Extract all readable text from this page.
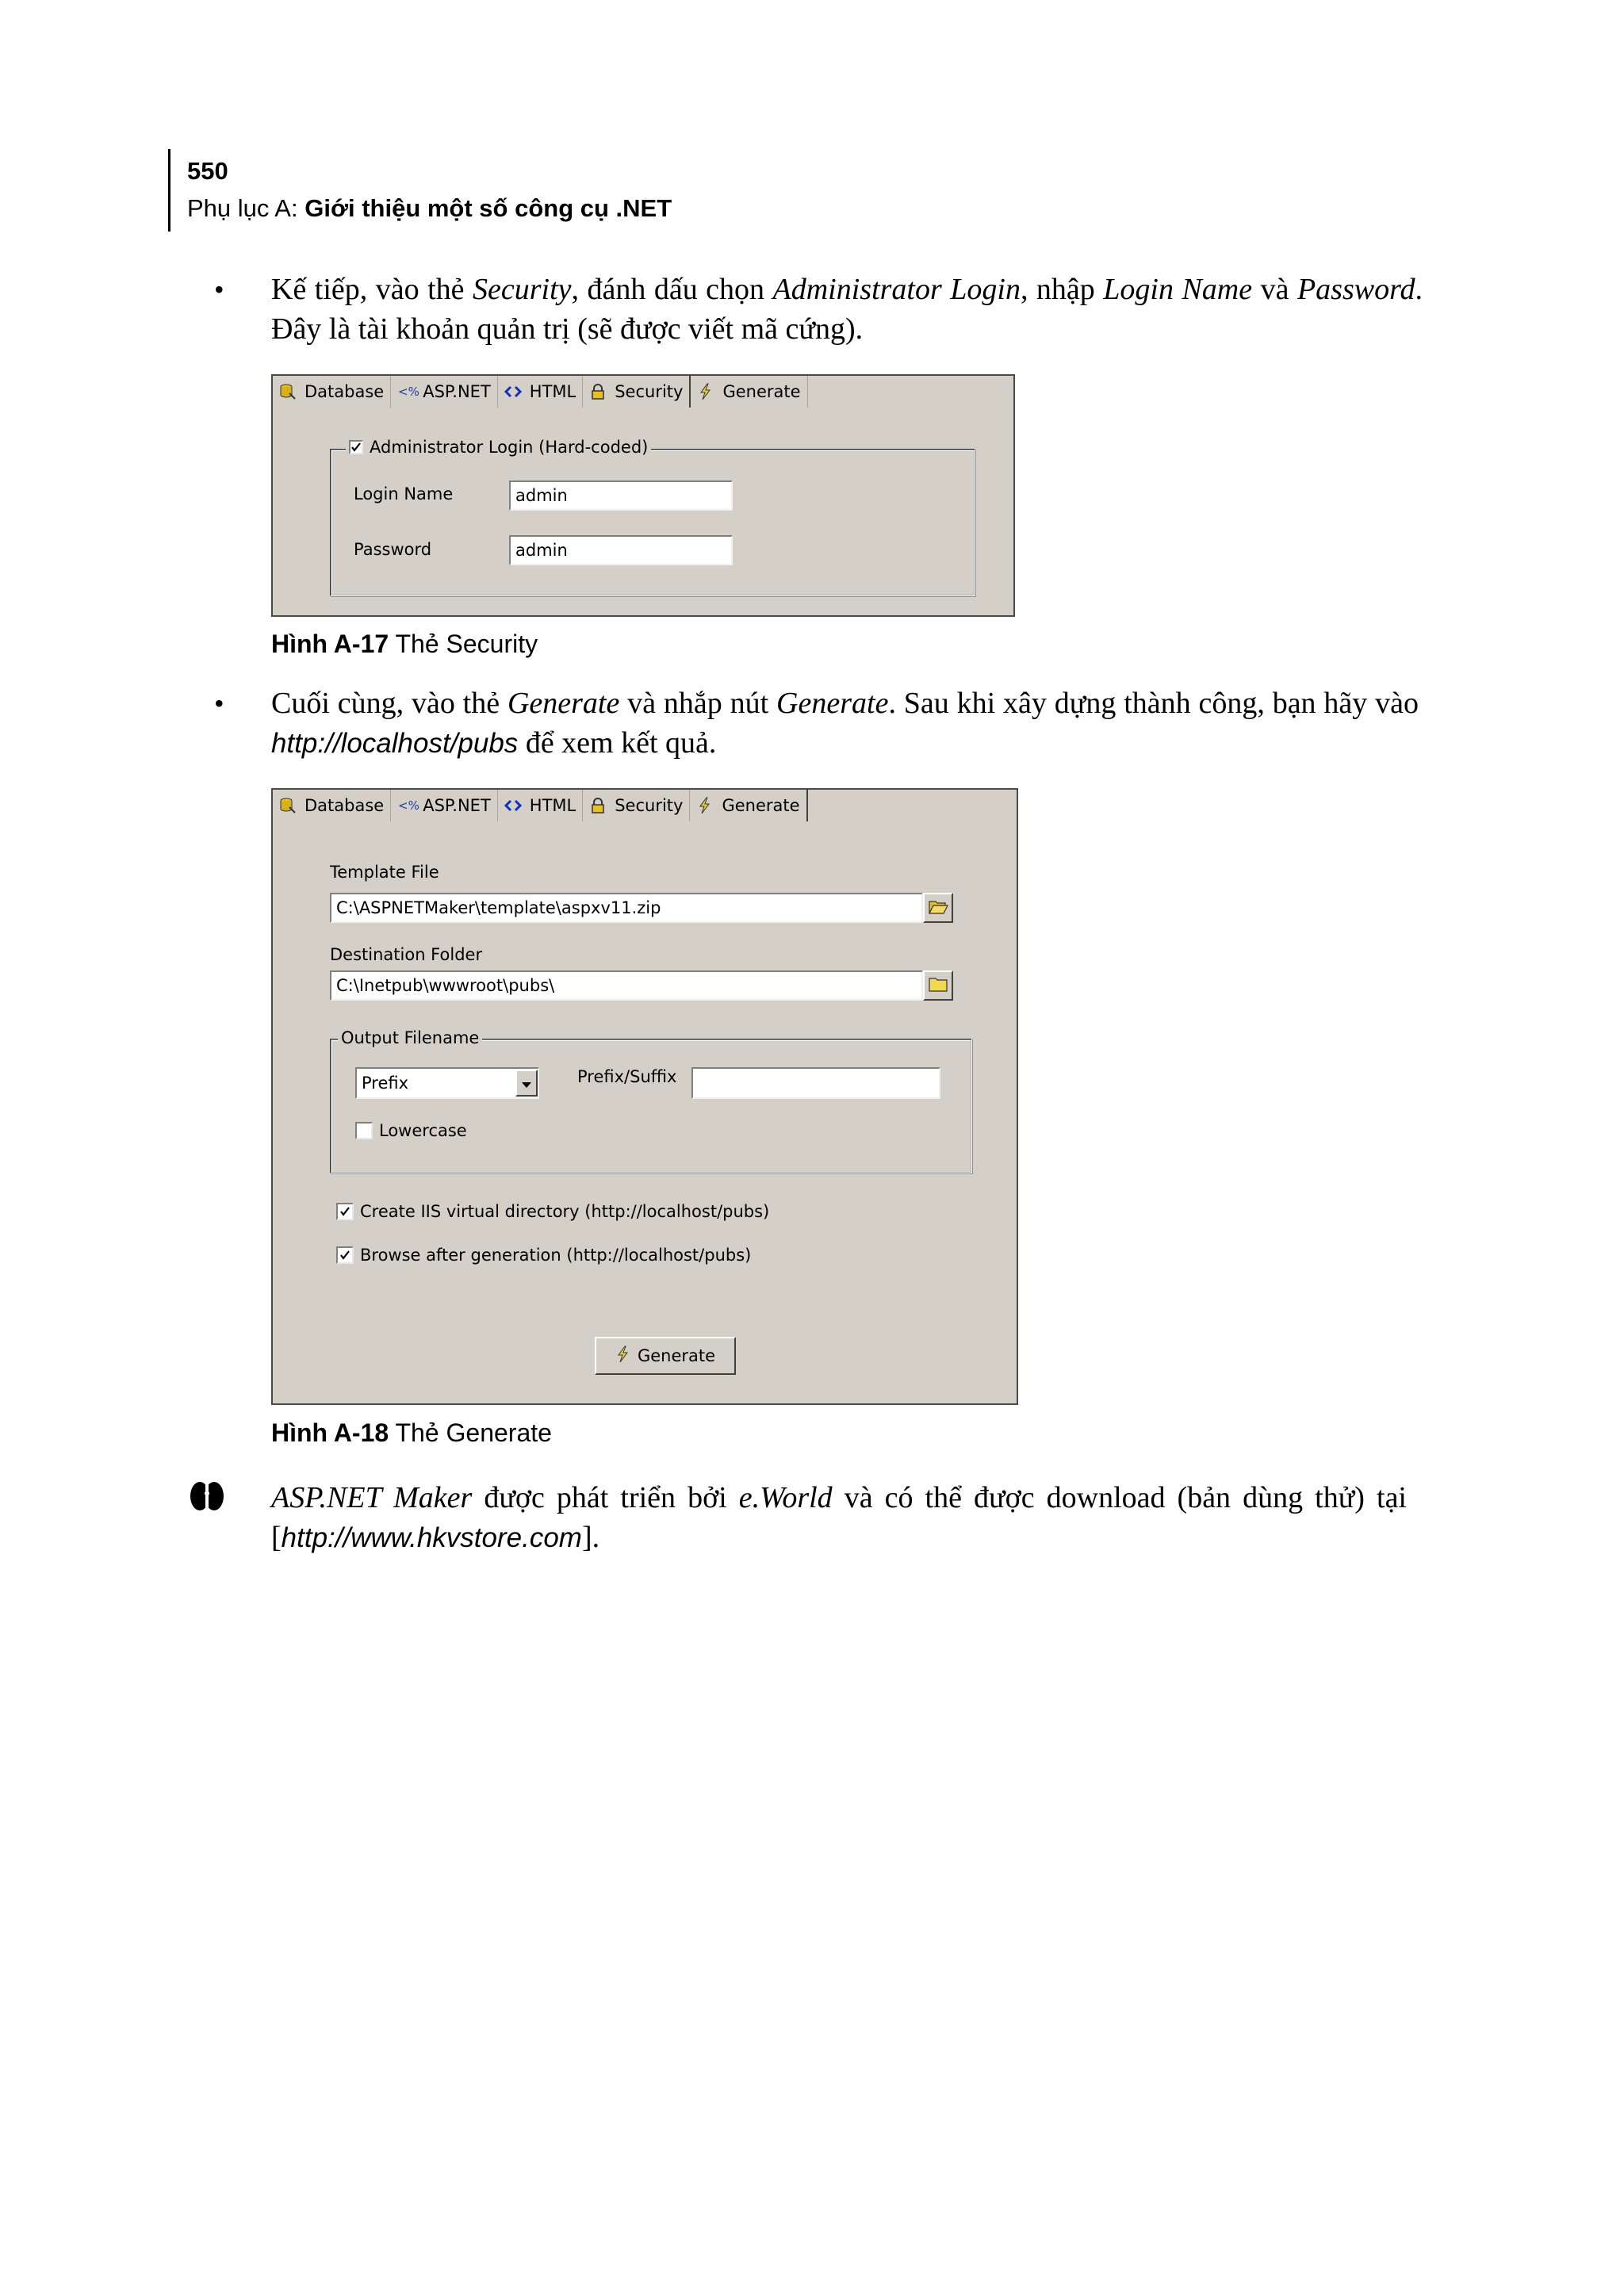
550
Phụ lục A: Giới thiệu một số công cụ .NET
• Kế tiếp, vào thẻ Security, đánh dấu chọn Administrator Login, nhập Login Name và Password. Đây là tài khoản quản trị (sẽ được viết mã cứng).
Database <% ASP.NET HTML Security Generate
Administrator Login (Hard-coded)
Login Name	admin
Password	admin
Hình A-17 Thẻ Security
• Cuối cùng, vào thẻ Generate và nhắp nút Generate. Sau khi xây dựng thành công, bạn hãy vào http://localhost/pubs để xem kết quả.
Database <% ASP.NET HTML Security Generate
Template File
C:\ASPNETMaker\template\aspxv11.zip
Destination Folder
C:\Inetpub\wwwroot\pubs\
Output Filename
Prefix	Prefix/Suffix
Lowercase
Create IIS virtual directory (http://localhost/pubs)
Browse after generation (http://localhost/pubs)
Generate
Hình A-18 Thẻ Generate
ASP.NET Maker được phát triển bởi e.World và có thể được download (bản dùng thử) tại [http://www.hkvstore.com].
